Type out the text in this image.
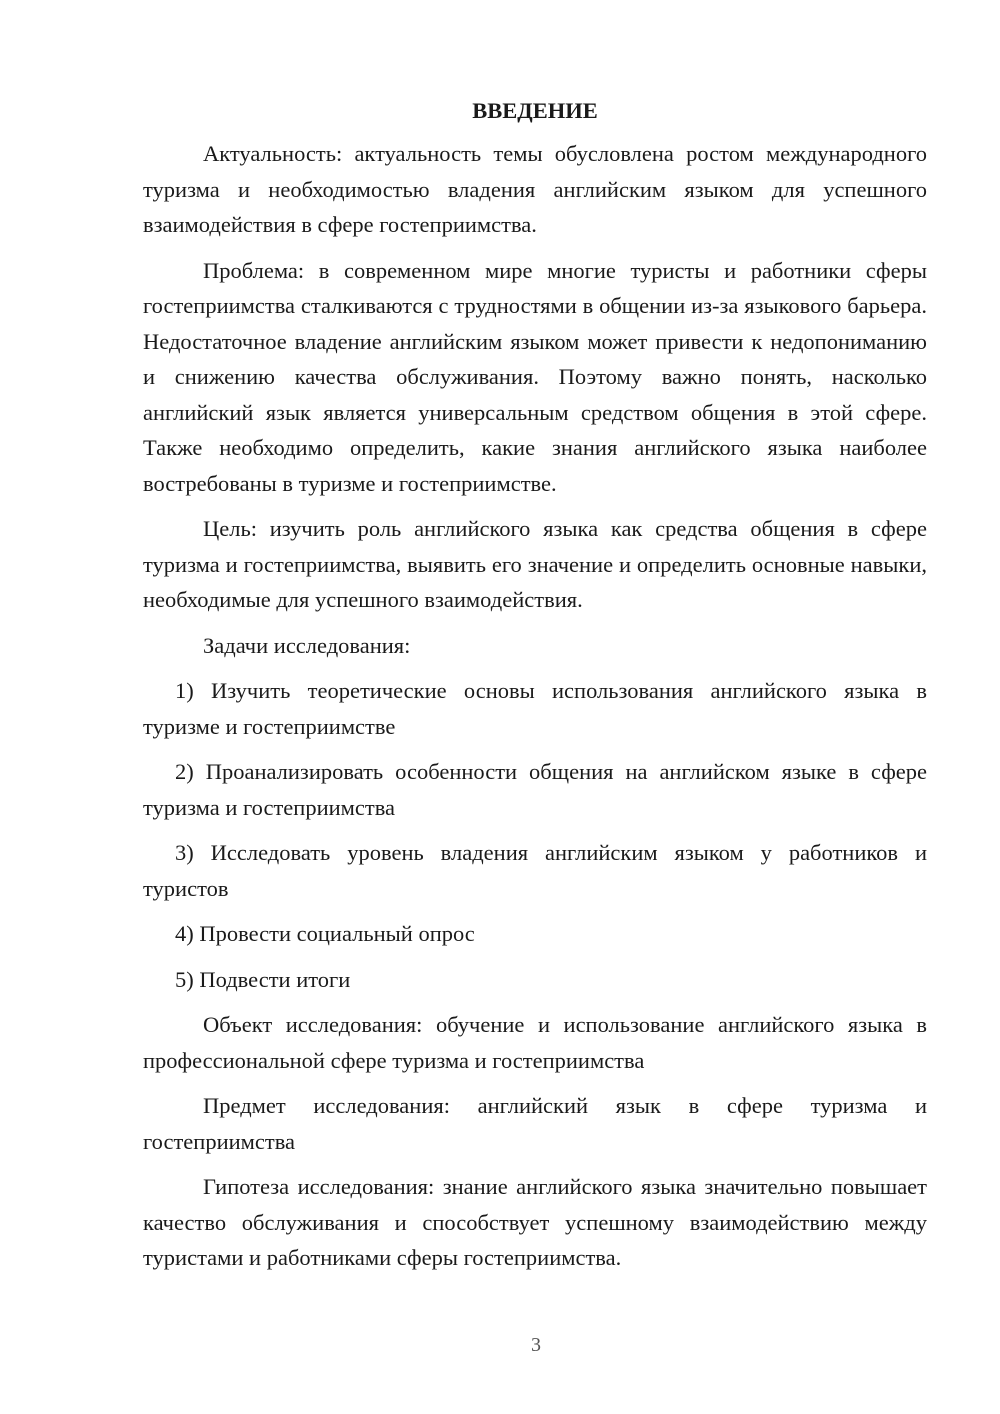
ВВЕДЕНИЕ

Актуальность: актуальность темы обусловлена ростом международного туризма и необходимостью владения английским языком для успешного взаимодействия в сфере гостеприимства.

Проблема: в современном мире многие туристы и работники сферы гостеприимства сталкиваются с трудностями в общении из-за языкового барьера. Недостаточное владение английским языком может привести к недопониманию и снижению качества обслуживания. Поэтому важно понять, насколько английский язык является универсальным средством общения в этой сфере. Также необходимо определить, какие знания английского языка наиболее востребованы в туризме и гостеприимстве.

Цель: изучить роль английского языка как средства общения в сфере туризма и гостеприимства, выявить его значение и определить основные навыки, необходимые для успешного взаимодействия.

Задачи исследования:

1) Изучить теоретические основы использования английского языка в туризме и гостеприимстве

2) Проанализировать особенности общения на английском языке в сфере туризма и гостеприимства

3) Исследовать уровень владения английским языком у работников и туристов

4) Провести социальный опрос

5) Подвести итоги

Объект исследования: обучение и использование английского языка в профессиональной сфере туризма и гостеприимства

Предмет исследования: английский язык в сфере туризма и гостеприимства

Гипотеза исследования: знание английского языка значительно повышает качество обслуживания и способствует успешному взаимодействию между туристами и работниками сферы гостеприимства.

3
